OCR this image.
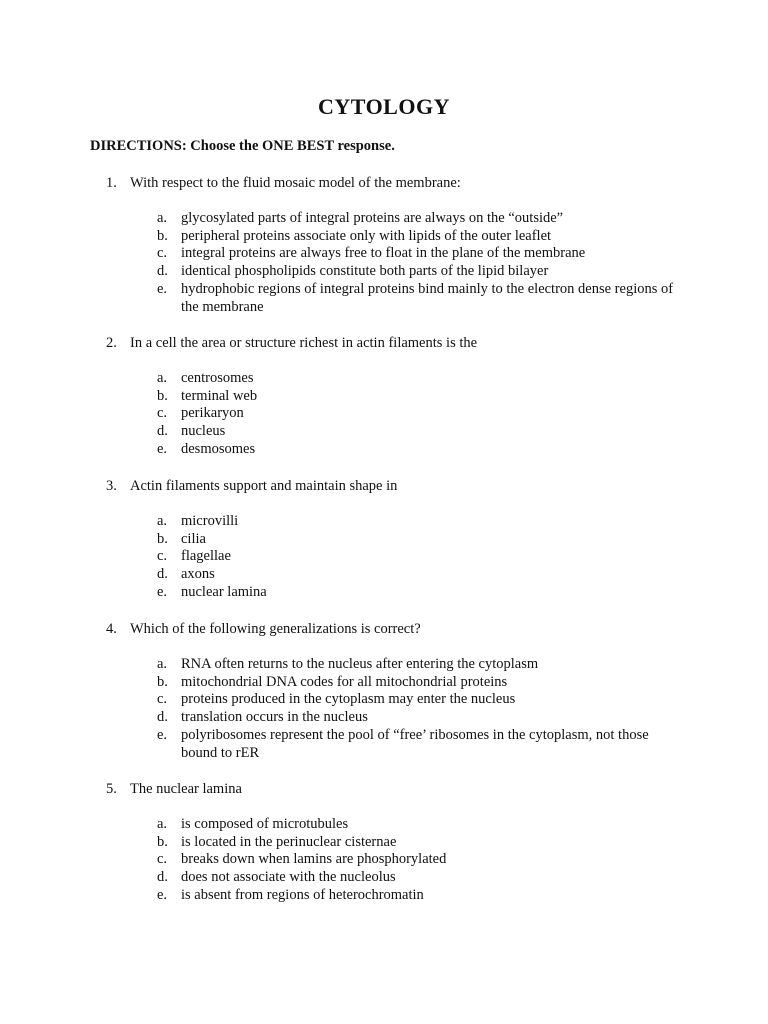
CYTOLOGY

DIRECTIONS: Choose the ONE BEST response.

1. With respect to the fluid mosaic model of the membrane:
a. glycosylated parts of integral proteins are always on the “outside”
b. peripheral proteins associate only with lipids of the outer leaflet
c. integral proteins are always free to float in the plane of the membrane
d. identical phospholipids constitute both parts of the lipid bilayer
e. hydrophobic regions of integral proteins bind mainly to the electron dense regions of the membrane
2. In a cell the area or structure richest in actin filaments is the
a. centrosomes
b. terminal web
c. perikaryon
d. nucleus
e. desmosomes
3. Actin filaments support and maintain shape in
a. microvilli
b. cilia
c. flagellae
d. axons
e. nuclear lamina
4. Which of the following generalizations is correct?
a. RNA often returns to the nucleus after entering the cytoplasm
b. mitochondrial DNA codes for all mitochondrial proteins
c. proteins produced in the cytoplasm may enter the nucleus
d. translation occurs in the nucleus
e. polyribosomes represent the pool of “free’ ribosomes in the cytoplasm, not those bound to rER
5. The nuclear lamina
a. is composed of microtubules
b. is located in the perinuclear cisternae
c. breaks down when lamins are phosphorylated
d. does not associate with the nucleolus
e. is absent from regions of heterochromatin
